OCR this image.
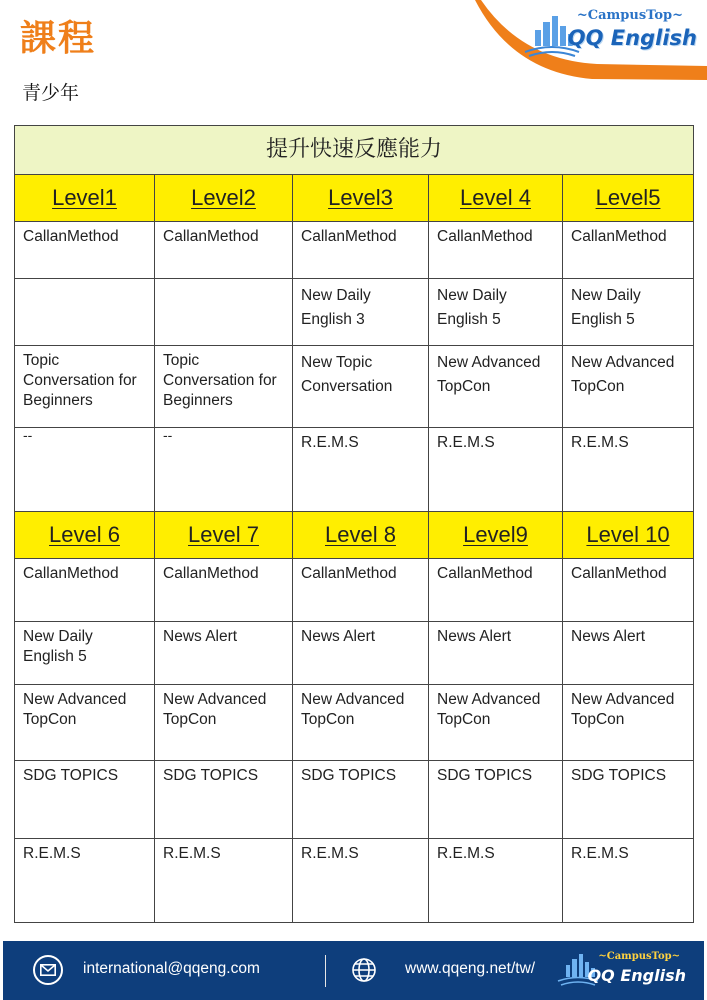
課程
青少年
~CampusTop~
QQ English
提升快速反應能力				
Level1	Level2	Level3	Level 4	Level5
CallanMethod	CallanMethod	CallanMethod	CallanMethod	CallanMethod
		New Daily English 3	New Daily English 5	New Daily English 5
Topic Conversation for Beginners	Topic Conversation for Beginners	New Topic Conversation	New Advanced TopCon	New Advanced TopCon

--	--	R.E.M.S	R.E.M.S	R.E.M.S
Level 6	Level 7	Level 8	Level9	Level 10
CallanMethod	CallanMethod	CallanMethod	CallanMethod	CallanMethod
New Daily English 5	News Alert	News Alert	News Alert	News Alert
New Advanced TopCon	New Advanced TopCon	New Advanced TopCon	New Advanced TopCon	New Advanced TopCon
SDG TOPICS	SDG TOPICS	SDG TOPICS	SDG TOPICS	SDG TOPICS
R.E.M.S	R.E.M.S	R.E.M.S	R.E.M.S	R.E.M.S
international@qqeng.com	www.qqeng.net/tw/
~CampusTop~
QQ English
